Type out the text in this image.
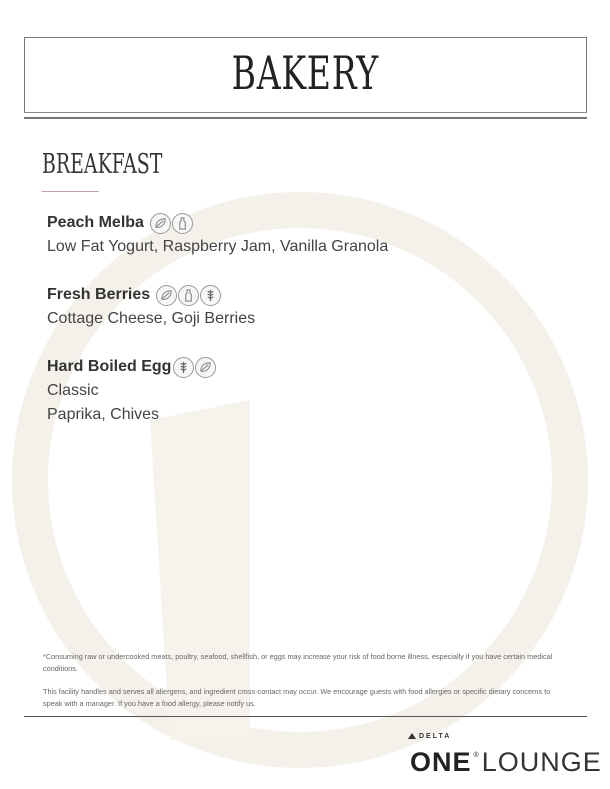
BAKERY
BREAKFAST
Peach Melba
Low Fat Yogurt, Raspberry Jam, Vanilla Granola
Fresh Berries
Cottage Cheese, Goji Berries
Hard Boiled Egg
Classic
Paprika, Chives
*Consuming raw or undercooked meats, poultry, seafood, shellfish, or eggs may increase your risk of food borne illness, especially if you have certain medical conditions.
This facility handles and serves all allergens, and ingredient cross-contact may occur. We encourage guests with food allergies or specific dietary concerns to speak with a manager. If you have a food allergy, please notify us.
DELTA
ONE ®LOUNGE
